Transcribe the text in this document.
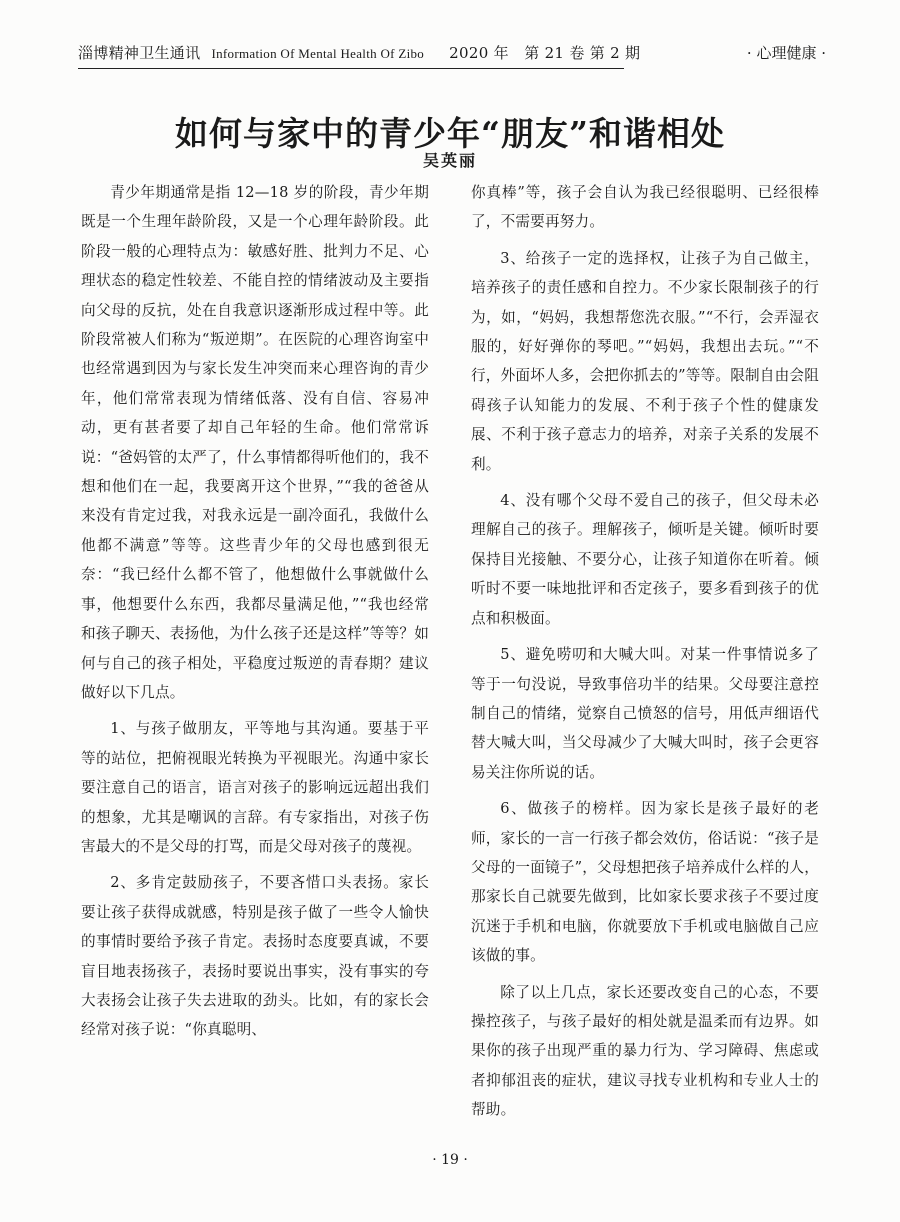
淄博精神卫生通讯 Information Of Mental Health Of Zibo 2020 年　第 21 卷 第 2 期	· 心理健康 ·
如何与家中的青少年“朋友”和谐相处
吴英丽

青少年期通常是指 12—18 岁的阶段，青少年期既是一个生理年龄阶段，又是一个心理年龄阶段。此阶段一般的心理特点为：敏感好胜、批判力不足、心理状态的稳定性较差、不能自控的情绪波动及主要指向父母的反抗，处在自我意识逐渐形成过程中等。此阶段常被人们称为“叛逆期”。在医院的心理咨询室中也经常遇到因为与家长发生冲突而来心理咨询的青少年，他们常常表现为情绪低落、没有自信、容易冲动，更有甚者要了却自己年轻的生命。他们常常诉说：“爸妈管的太严了，什么事情都得听他们的，我不想和他们在一起，我要离开这个世界，”“我的爸爸从来没有肯定过我，对我永远是一副冷面孔，我做什么他都不满意”等等。这些青少年的父母也感到很无奈：“我已经什么都不管了，他想做什么事就做什么事，他想要什么东西，我都尽量满足他，”“我也经常和孩子聊天、表扬他，为什么孩子还是这样”等等？如何与自己的孩子相处，平稳度过叛逆的青春期？建议做好以下几点。

1、与孩子做朋友，平等地与其沟通。要基于平等的站位，把俯视眼光转换为平视眼光。沟通中家长要注意自己的语言，语言对孩子的影响远远超出我们的想象，尤其是嘲讽的言辞。有专家指出，对孩子伤害最大的不是父母的打骂，而是父母对孩子的蔑视。

2、多肯定鼓励孩子，不要吝惜口头表扬。家长要让孩子获得成就感，特别是孩子做了一些令人愉快的事情时要给予孩子肯定。表扬时态度要真诚，不要盲目地表扬孩子，表扬时要说出事实，没有事实的夸大表扬会让孩子失去进取的劲头。比如，有的家长会经常对孩子说：“你真聪明、

你真棒”等，孩子会自认为我已经很聪明、已经很棒了，不需要再努力。

3、给孩子一定的选择权，让孩子为自己做主，培养孩子的责任感和自控力。不少家长限制孩子的行为，如，“妈妈，我想帮您洗衣服。”“不行，会弄湿衣服的，好好弹你的琴吧。”“妈妈，我想出去玩。”“不行，外面坏人多，会把你抓去的”等等。限制自由会阻碍孩子认知能力的发展、不利于孩子个性的健康发展、不利于孩子意志力的培养，对亲子关系的发展不利。

4、没有哪个父母不爱自己的孩子，但父母未必理解自己的孩子。理解孩子，倾听是关键。倾听时要保持目光接触、不要分心，让孩子知道你在听着。倾听时不要一味地批评和否定孩子，要多看到孩子的优点和积极面。

5、避免唠叨和大喊大叫。对某一件事情说多了等于一句没说，导致事倍功半的结果。父母要注意控制自己的情绪，觉察自己愤怒的信号，用低声细语代替大喊大叫，当父母减少了大喊大叫时，孩子会更容易关注你所说的话。

6、做孩子的榜样。因为家长是孩子最好的老师，家长的一言一行孩子都会效仿，俗话说：“孩子是父母的一面镜子”，父母想把孩子培养成什么样的人，那家长自己就要先做到，比如家长要求孩子不要过度沉迷于手机和电脑，你就要放下手机或电脑做自己应该做的事。

除了以上几点，家长还要改变自己的心态，不要操控孩子，与孩子最好的相处就是温柔而有边界。如果你的孩子出现严重的暴力行为、学习障碍、焦虑或者抑郁沮丧的症状，建议寻找专业机构和专业人士的帮助。

· 19 ·
